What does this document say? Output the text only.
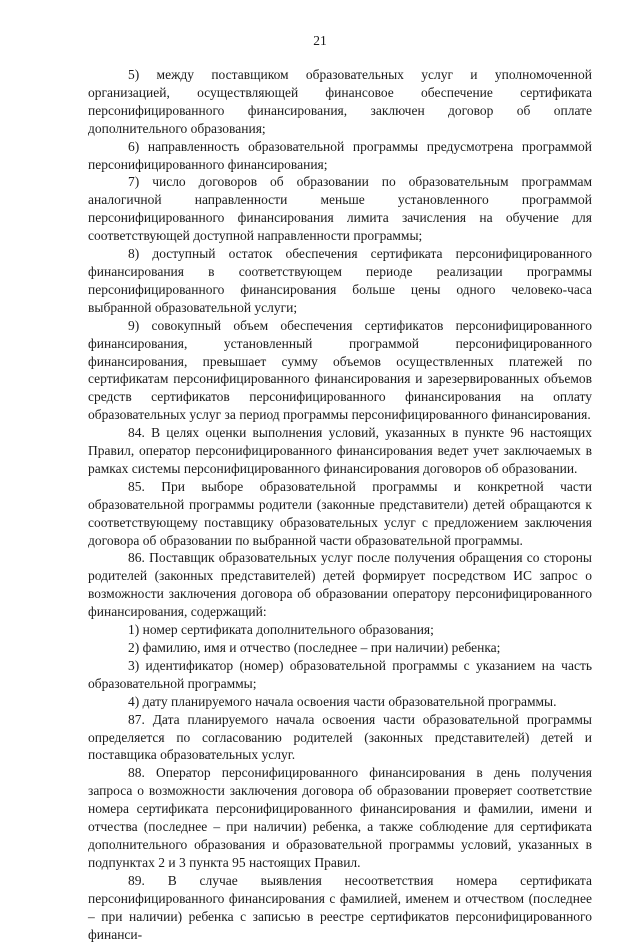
21

5) между поставщиком образовательных услуг и уполномоченной организацией, осуществляющей финансовое обеспечение сертификата персонифицированного финансирования, заключен договор об оплате дополнительного образования;

6) направленность образовательной программы предусмотрена программой персонифицированного финансирования;

7) число договоров об образовании по образовательным программам аналогичной направленности меньше установленного программой персонифицированного финансирования лимита зачисления на обучение для соответствующей доступной направленности программы;

8) доступный остаток обеспечения сертификата персонифицированного финансирования в соответствующем периоде реализации программы персонифицированного финансирования больше цены одного человеко-часа выбранной образовательной услуги;

9) совокупный объем обеспечения сертификатов персонифицированного финансирования, установленный программой персонифицированного финансирования, превышает сумму объемов осуществленных платежей по сертификатам персонифицированного финансирования и зарезервированных объемов средств сертификатов персонифицированного финансирования на оплату образовательных услуг за период программы персонифицированного финансирования.

84. В целях оценки выполнения условий, указанных в пункте 96 настоящих Правил, оператор персонифицированного финансирования ведет учет заключаемых в рамках системы персонифицированного финансирования договоров об образовании.

85. При выборе образовательной программы и конкретной части образовательной программы родители (законные представители) детей обращаются к соответствующему поставщику образовательных услуг с предложением заключения договора об образовании по выбранной части образовательной программы.

86. Поставщик образовательных услуг после получения обращения со стороны родителей (законных представителей) детей формирует посредством ИС запрос о возможности заключения договора об образовании оператору персонифицированного финансирования, содержащий:

1) номер сертификата дополнительного образования;

2) фамилию, имя и отчество (последнее – при наличии) ребенка;

3) идентификатор (номер) образовательной программы с указанием на часть образовательной программы;

4) дату планируемого начала освоения части образовательной программы.

87. Дата планируемого начала освоения части образовательной программы определяется по согласованию родителей (законных представителей) детей и поставщика образовательных услуг.

88. Оператор персонифицированного финансирования в день получения запроса о возможности заключения договора об образовании проверяет соответствие номера сертификата персонифицированного финансирования и фамилии, имени и отчества (последнее – при наличии) ребенка, а также соблюдение для сертификата дополнительного образования и образовательной программы условий, указанных в подпунктах 2 и 3 пункта 95 настоящих Правил.

89. В случае выявления несоответствия номера сертификата персонифицированного финансирования с фамилией, именем и отчеством (последнее – при наличии) ребенка с записью в реестре сертификатов персонифицированного финанси-
